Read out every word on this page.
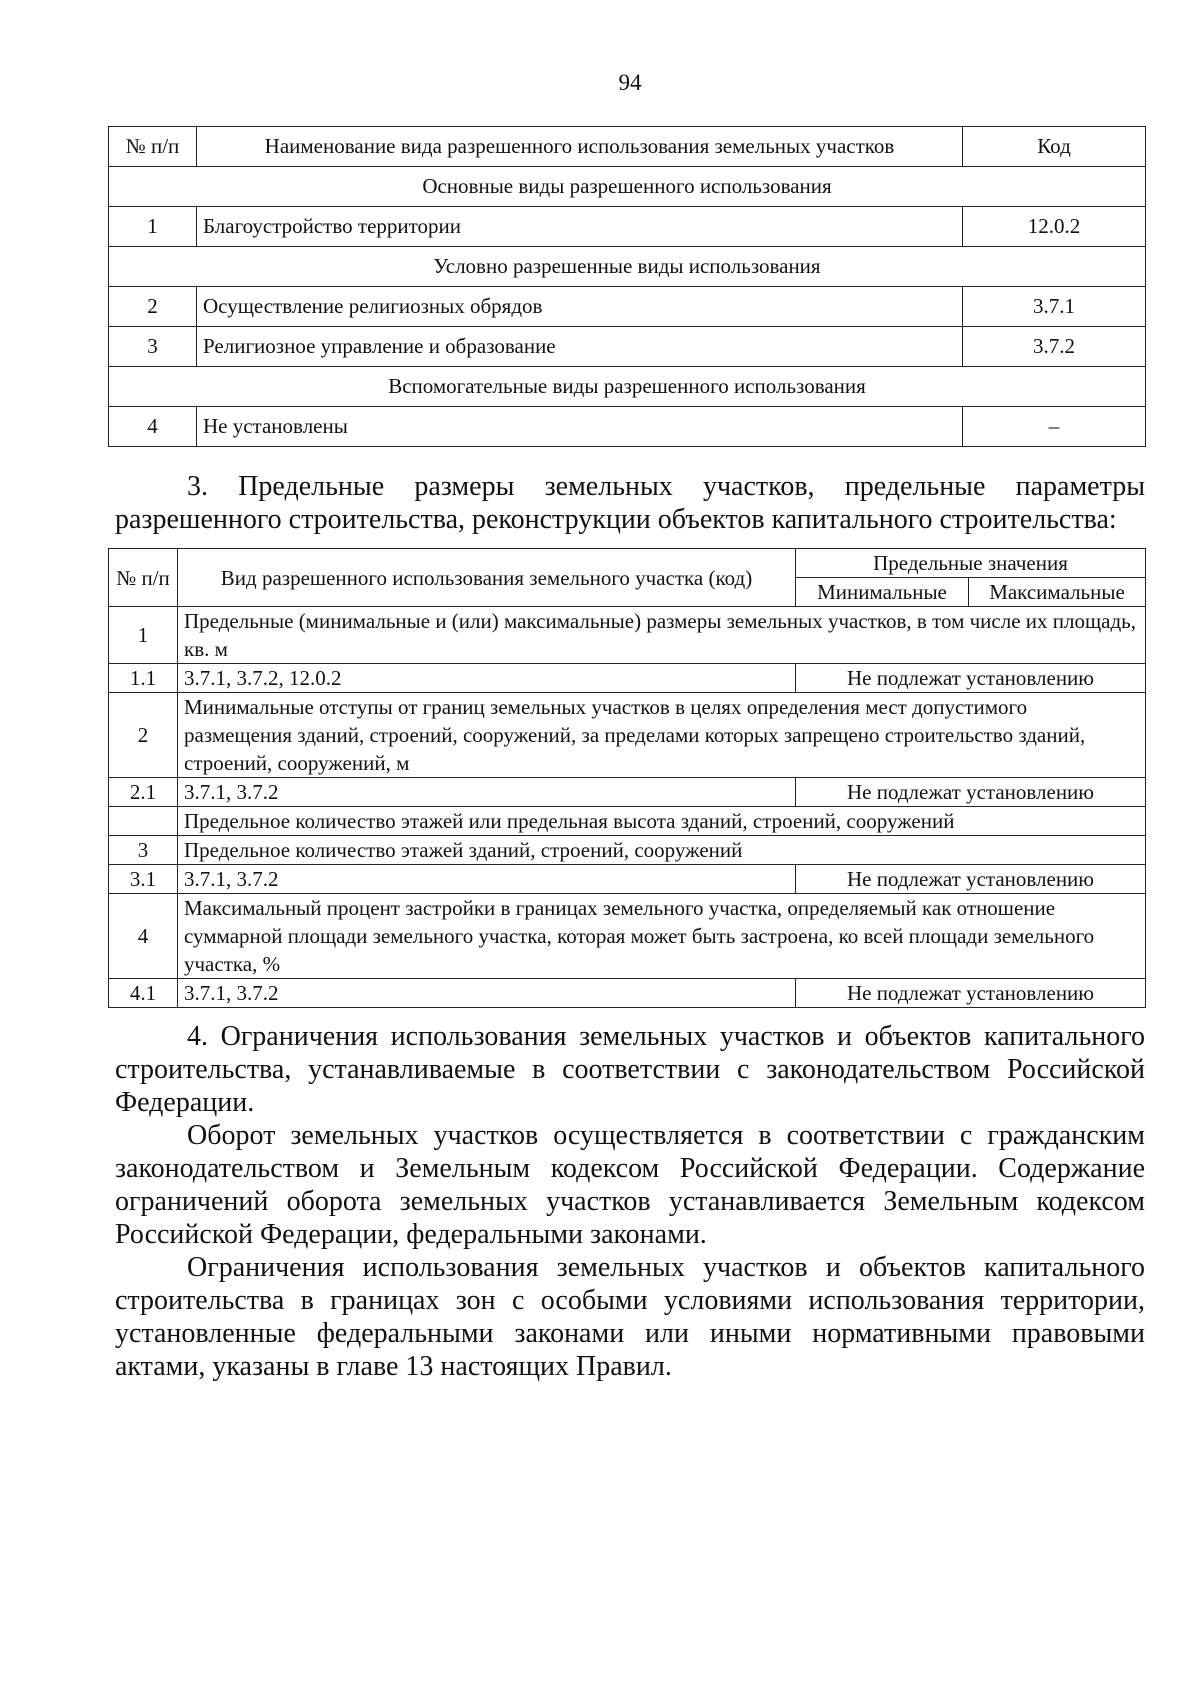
94
№ п/п	Наименование вида разрешенного использования земельных участков	Код
Основные виды разрешенного использования		
1	Благоустройство территории	12.0.2
Условно разрешенные виды использования		
2	Осуществление религиозных обрядов	3.7.1
3	Религиозное управление и образование	3.7.2
Вспомогательные виды разрешенного использования		
4	Не установлены	–
3. Предельные размеры земельных участков, предельные параметры разрешенного строительства, реконструкции объектов капитального строительства:
№ п/п	Вид разрешенного использования земельного участка (код)	Предельные значения	
		Минимальные	Максимальные
1	Предельные (минимальные и (или) максимальные) размеры земельных участков, в том числе их площадь, кв. м		
1.1	3.7.1, 3.7.2, 12.0.2	Не подлежат установлению	
2	Минимальные отступы от границ земельных участков в целях определения мест допустимого размещения зданий, строений, сооружений, за пределами которых запрещено строительство зданий, строений, сооружений, м		
2.1	3.7.1, 3.7.2	Не подлежат установлению	
	Предельное количество этажей или предельная высота зданий, строений, сооружений		
3	Предельное количество этажей зданий, строений, сооружений		
3.1	3.7.1, 3.7.2	Не подлежат установлению	
4	Максимальный процент застройки в границах земельного участка, определяемый как отношение суммарной площади земельного участка, которая может быть застроена, ко всей площади земельного участка, %		
4.1	3.7.1, 3.7.2	Не подлежат установлению	
4. Ограничения использования земельных участков и объектов капитального строительства, устанавливаемые в соответствии с законодательством Российской Федерации.
Оборот земельных участков осуществляется в соответствии с гражданским законодательством и Земельным кодексом Российской Федерации. Содержание ограничений оборота земельных участков устанавливается Земельным кодексом Российской Федерации, федеральными законами.
Ограничения использования земельных участков и объектов капитального строительства в границах зон с особыми условиями использования территории, установленные федеральными законами или иными нормативными правовыми актами, указаны в главе 13 настоящих Правил.
